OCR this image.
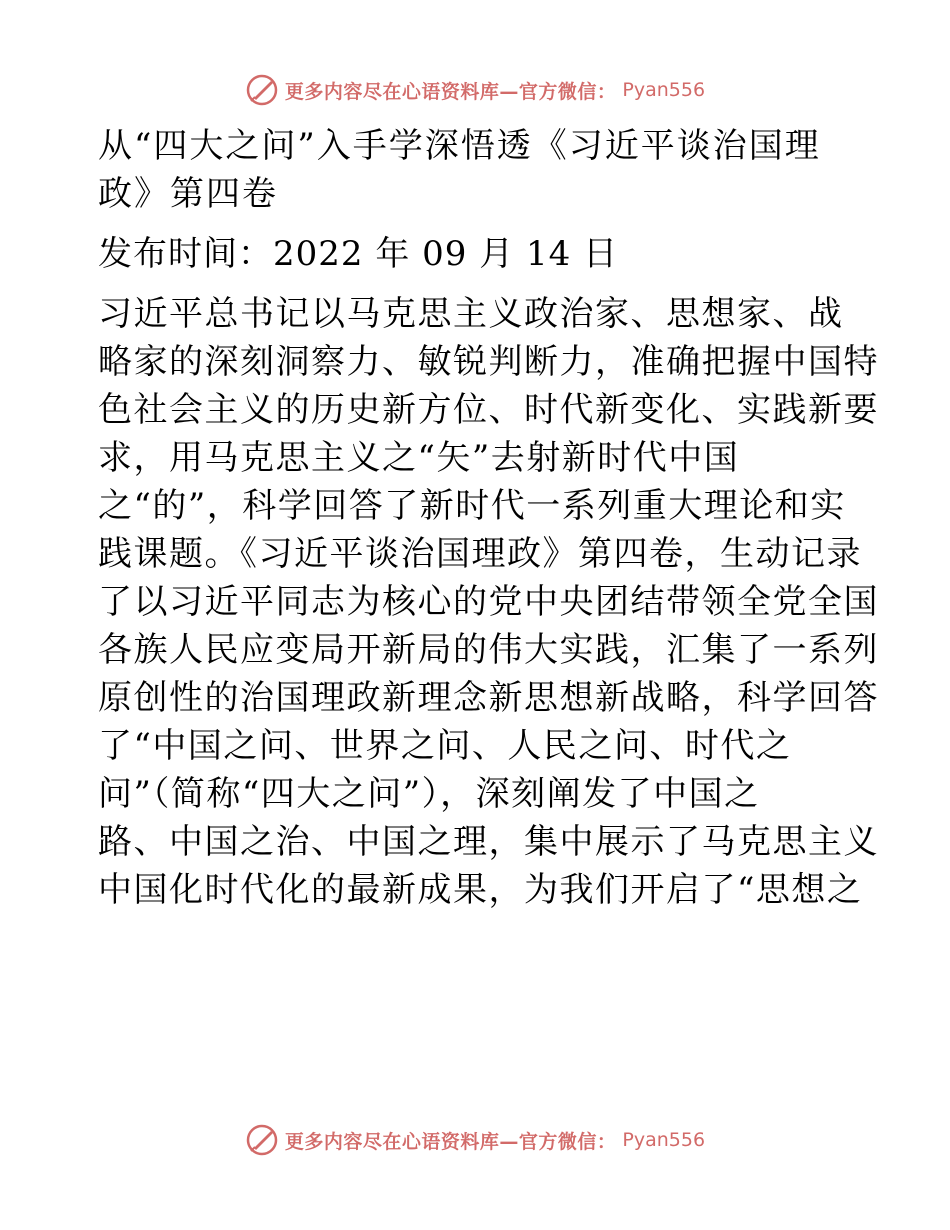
更多内容尽在心语资料库—官方微信： Pyan556
从“四大之问”入手学深悟透《习近平谈治国理
政》第四卷
发布时间：2022 年 09 月 14 日
习近平总书记以马克思主义政治家、思想家、战
略家的深刻洞察力、敏锐判断力，准确把握中国特
色社会主义的历史新方位、时代新变化、实践新要
求，用马克思主义之“矢”去射新时代中国
之“的”，科学回答了新时代一系列重大理论和实
践课题。《习近平谈治国理政》第四卷，生动记录
了以习近平同志为核心的党中央团结带领全党全国
各族人民应变局开新局的伟大实践，汇集了一系列
原创性的治国理政新理念新思想新战略，科学回答
了“中国之问、世界之问、人民之问、时代之
问”（简称“四大之问”），深刻阐发了中国之
路、中国之治、中国之理，集中展示了马克思主义
中国化时代化的最新成果，为我们开启了“思想之
更多内容尽在心语资料库—官方微信： Pyan556
